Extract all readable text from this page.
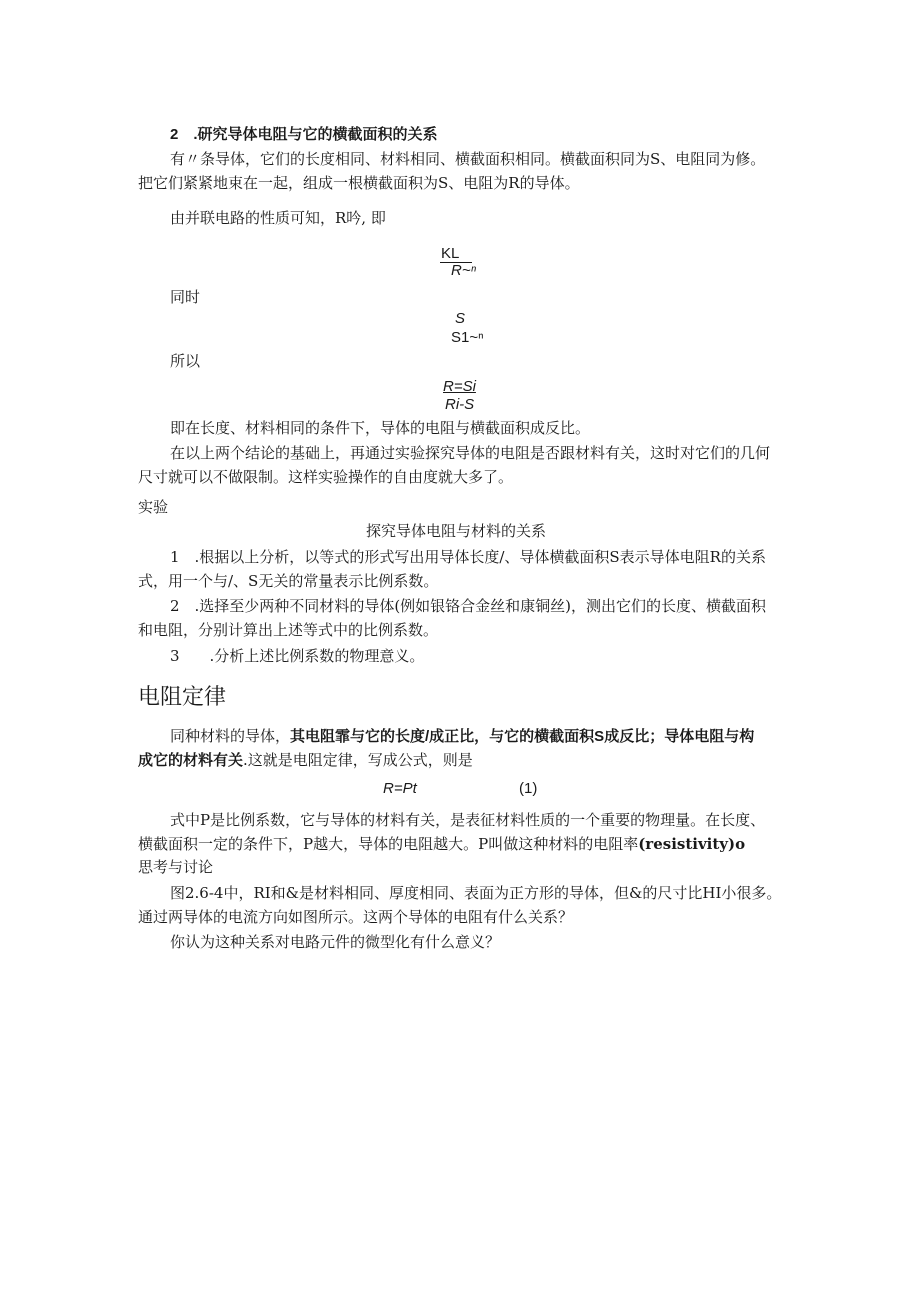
2　.研究导体电阻与它的横截面积的关系
有〃条导体，它们的长度相同、材料相同、横截面积相同。横截面积同为S、电阻同为修。
把它们紧紧地束在一起，组成一根横截面积为S、电阻为R的导体。
由并联电路的性质可知，R吟, 即
KL
R~ⁿ
同时
S
S1~ⁿ
所以
R=Si
Ri-S
即在长度、材料相同的条件下，导体的电阻与横截面积成反比。
在以上两个结论的基础上，再通过实验探究导体的电阻是否跟材料有关，这时对它们的几何
尺寸就可以不做限制。这样实验操作的自由度就大多了。
实验
探究导体电阻与材料的关系
1　.根据以上分析，以等式的形式写出用导体长度/、导体横截面积S表示导体电阻R的关系
式，用一个与/、S无关的常量表示比例系数。
2　.选择至少两种不同材料的导体(例如银铬合金丝和康铜丝)，测出它们的长度、横截面积
和电阻，分别计算出上述等式中的比例系数。
3　　.分析上述比例系数的物理意义。
电阻定律
同种材料的导体，其电阻霏与它的长度/成正比，与它的横截面积S成反比；导体电阻与构
成它的材料有关.这就是电阻定律，写成公式，则是
R=Pt	(1)
式中P是比例系数，它与导体的材料有关，是表征材料性质的一个重要的物理量。在长度、
横截面积一定的条件下，P越大，导体的电阻越大。P叫做这种材料的电阻率(resistivity)o
思考与讨论
图2.6-4中，RI和&是材料相同、厚度相同、表面为正方形的导体，但&的尺寸比HI小很多。
通过两导体的电流方向如图所示。这两个导体的电阻有什么关系？
你认为这种关系对电路元件的微型化有什么意义？
